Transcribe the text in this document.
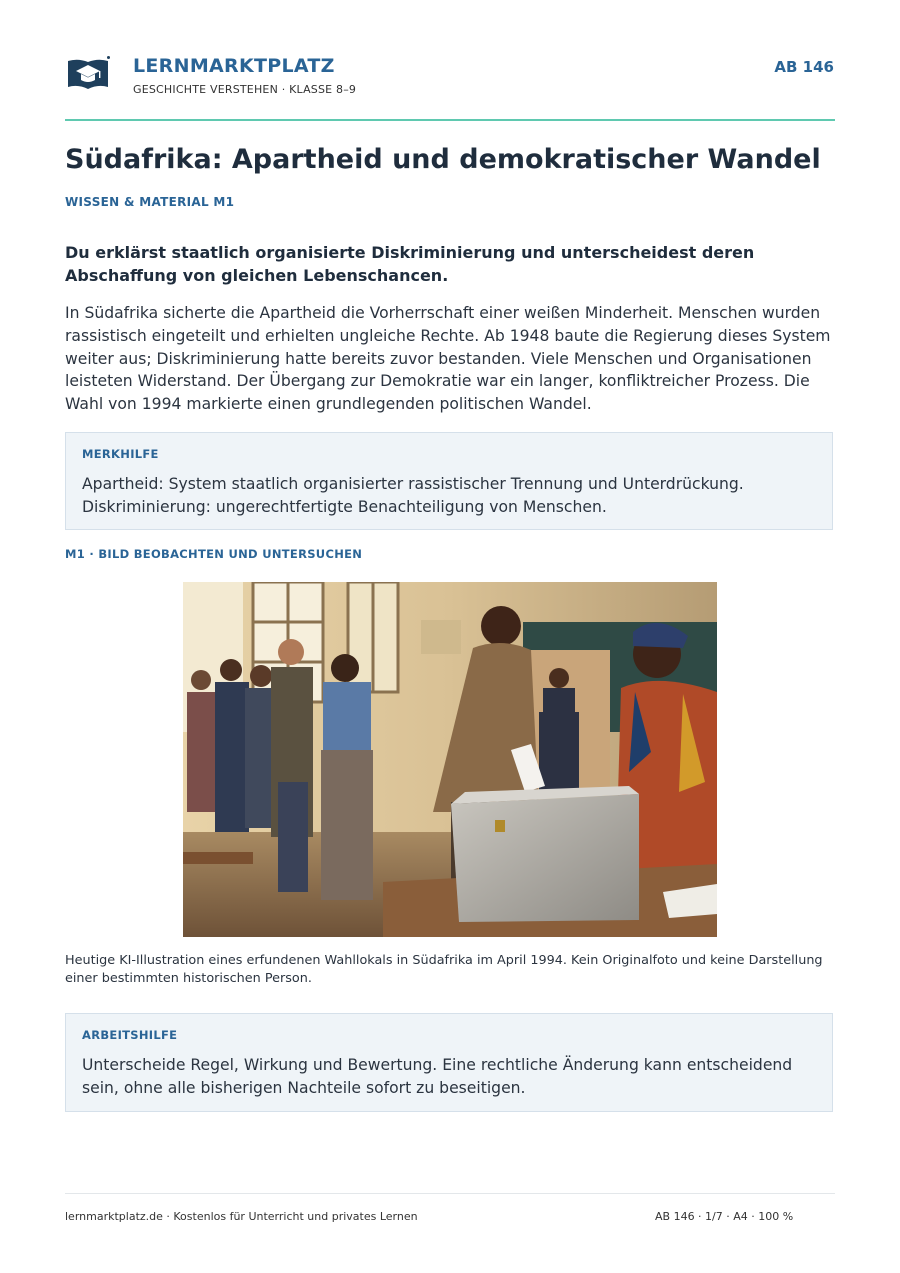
LERNMARKTPLATZ
GESCHICHTE VERSTEHEN · KLASSE 8–9
AB 146
Südafrika: Apartheid und demokratischer Wandel
WISSEN & MATERIAL M1
Du erklärst staatlich organisierte Diskriminierung und unterscheidest deren Abschaffung von gleichen Lebenschancen.
In Südafrika sicherte die Apartheid die Vorherrschaft einer weißen Minderheit. Menschen wurden rassistisch eingeteilt und erhielten ungleiche Rechte. Ab 1948 baute die Regierung dieses System weiter aus; Diskriminierung hatte bereits zuvor bestanden. Viele Menschen und Organisationen leisteten Widerstand. Der Übergang zur Demokratie war ein langer, konfliktreicher Prozess. Die Wahl von 1994 markierte einen grundlegenden politischen Wandel.
MERKHILFE
Apartheid: System staatlich organisierter rassistischer Trennung und Unterdrückung.
Diskriminierung: ungerechtfertigte Benachteiligung von Menschen.
M1 · BILD BEOBACHTEN UND UNTERSUCHEN
Heutige KI-Illustration eines erfundenen Wahllokals in Südafrika im April 1994. Kein Originalfoto und keine Darstellung einer bestimmten historischen Person.
ARBEITSHILFE
Unterscheide Regel, Wirkung und Bewertung. Eine rechtliche Änderung kann entscheidend sein, ohne alle bisherigen Nachteile sofort zu beseitigen.
lernmarktplatz.de · Kostenlos für Unterricht und privates Lernen	AB 146 · 1/7 · A4 · 100 %
